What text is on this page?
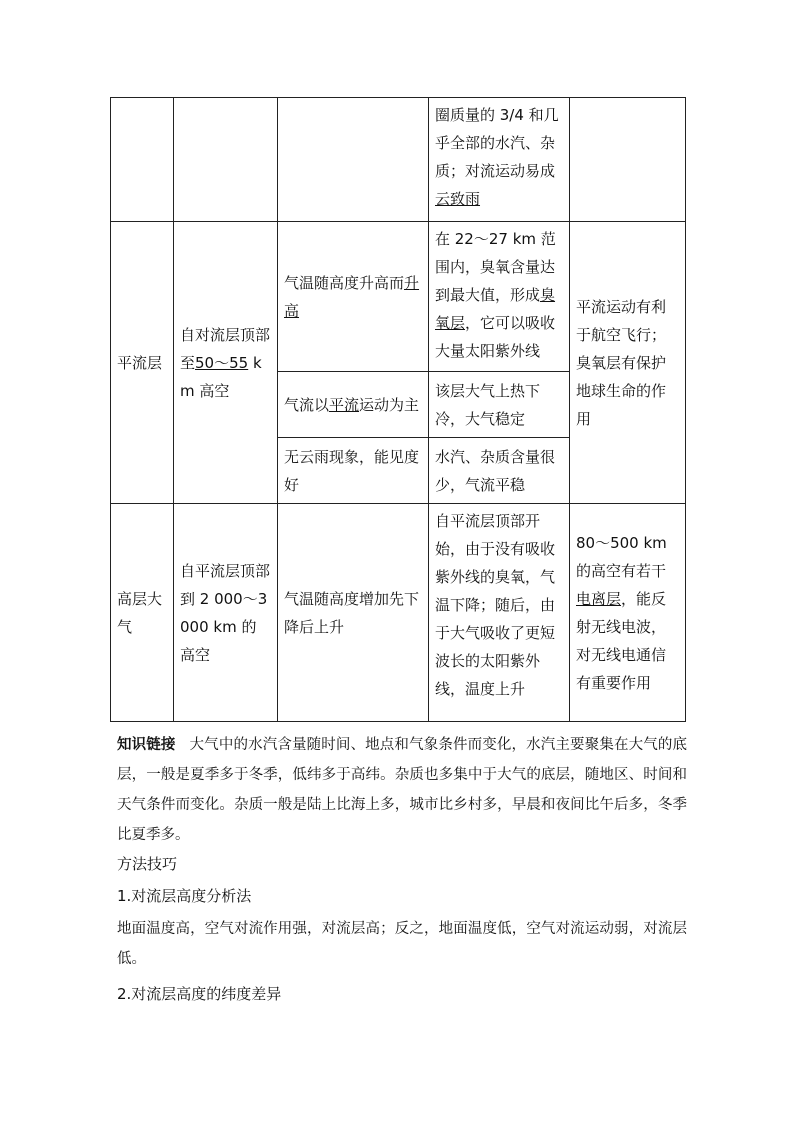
			圈质量的 3/4 和几乎全部的水汽、杂质；对流运动易成云致雨	
平流层	自对流层顶部至50～55 km 高空	气温随高度升高而升高	在 22～27 km 范围内，臭氧含量达到最大值，形成臭氧层，它可以吸收大量太阳紫外线	平流运动有利于航空飞行；臭氧层有保护地球生命的作用
		气流以平流运动为主	该层大气上热下冷，大气稳定	
		无云雨现象，能见度好	水汽、杂质含量很少，气流平稳	
高层大气	自平流层顶部到 2 000～3 000 km 的高空	气温随高度增加先下降后上升	自平流层顶部开始，由于没有吸收紫外线的臭氧，气温下降；随后，由于大气吸收了更短波长的太阳紫外线，温度上升	80～500 km 的高空有若干电离层，能反射无线电波，对无线电通信有重要作用
知识链接 大气中的水汽含量随时间、地点和气象条件而变化，水汽主要聚集在大气的底层，一般是夏季多于冬季，低纬多于高纬。杂质也多集中于大气的底层，随地区、时间和天气条件而变化。杂质一般是陆上比海上多，城市比乡村多，早晨和夜间比午后多，冬季比夏季多。
方法技巧
1.对流层高度分析法
地面温度高，空气对流作用强，对流层高；反之，地面温度低，空气对流运动弱，对流层低。
2.对流层高度的纬度差异
